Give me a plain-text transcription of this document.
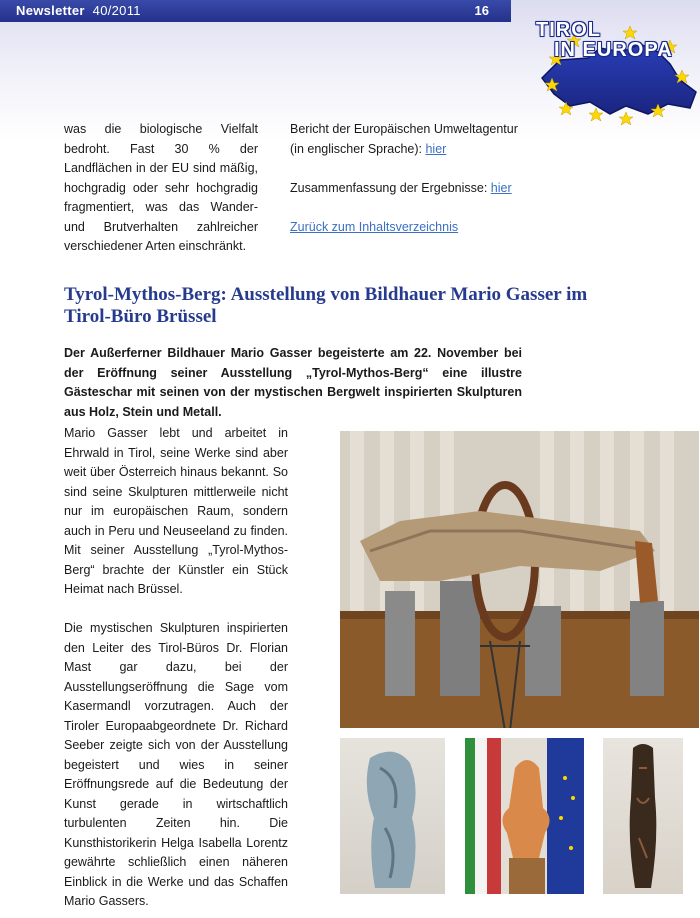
Newsletter 40/2011	16
TIROL
IN EUROPA

was die biologische Vielfalt bedroht. Fast 30 % der Landflächen in der EU sind mäßig, hochgradig oder sehr hochgradig fragmentiert, was das Wander- und Brutverhalten zahlreicher verschiedener Arten einschränkt.

Bericht der Europäischen Umweltagentur

(in englischer Sprache): hier

Zusammenfassung der Ergebnisse: hier

Zurück zum Inhaltsverzeichnis

Tyrol-Mythos-Berg: Ausstellung von Bildhauer Mario Gasser im Tirol-Büro Brüssel

Der Außerferner Bildhauer Mario Gasser begeisterte am 22. November bei der Eröffnung seiner Ausstellung „Tyrol-Mythos-Berg“ eine illustre Gästeschar mit seinen von der mystischen Bergwelt inspirierten Skulpturen aus Holz, Stein und Metall.

Mario Gasser lebt und arbeitet in Ehrwald in Tirol, seine Werke sind aber weit über Österreich hinaus bekannt. So sind seine Skulpturen mittlerweile nicht nur im europäischen Raum, sondern auch in Peru und Neuseeland zu finden. Mit seiner Ausstellung „Tyrol-Mythos-Berg“ brachte der Künstler ein Stück Heimat nach Brüssel.

Die mystischen Skulpturen inspirierten den Leiter des Tirol-Büros Dr. Florian Mast gar dazu, bei der Ausstellungseröffnung die Sage vom Kasermandl vorzutragen. Auch der Tiroler Europaabgeordnete Dr. Richard Seeber zeigte sich von der Ausstellung begeistert und wies in seiner Eröffnungsrede auf die Bedeutung der Kunst gerade in wirtschaftlich turbulenten Zeiten hin. Die Kunsthistorikerin Helga Isabella Lorentz gewährte schließlich einen näheren Einblick in die Werke und das Schaffen Mario Gassers.
